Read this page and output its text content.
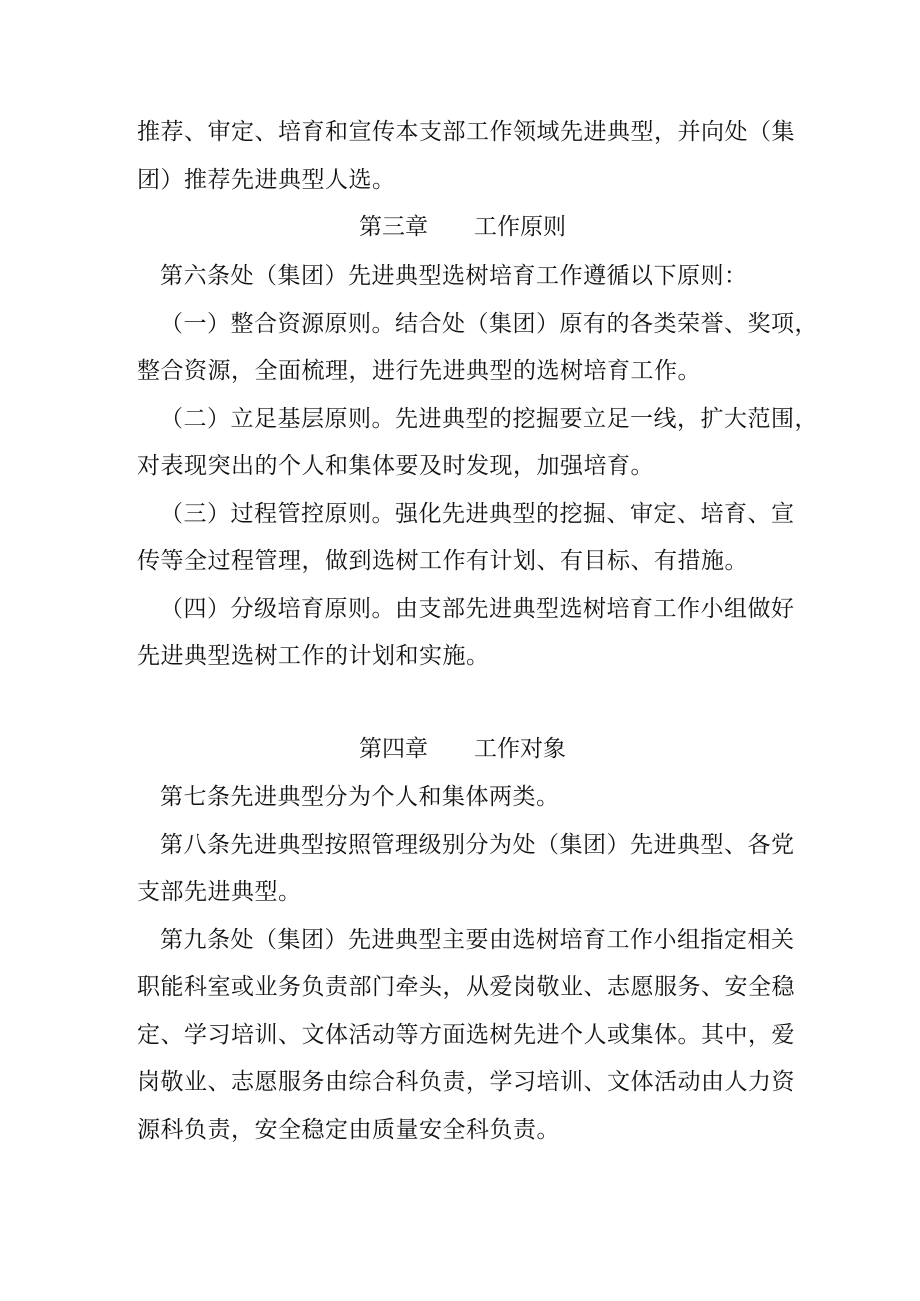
推荐、审定、培育和宣传本支部工作领域先进典型，并向处（集
团）推荐先进典型人选。
第三章 工作原则
第六条处（集团）先进典型选树培育工作遵循以下原则：
（一）整合资源原则。结合处（集团）原有的各类荣誉、奖项，
整合资源，全面梳理，进行先进典型的选树培育工作。
（二）立足基层原则。先进典型的挖掘要立足一线，扩大范围，
对表现突出的个人和集体要及时发现，加强培育。
（三）过程管控原则。强化先进典型的挖掘、审定、培育、宣
传等全过程管理，做到选树工作有计划、有目标、有措施。
（四）分级培育原则。由支部先进典型选树培育工作小组做好
先进典型选树工作的计划和实施。
第四章 工作对象
第七条先进典型分为个人和集体两类。
第八条先进典型按照管理级别分为处（集团）先进典型、各党
支部先进典型。
第九条处（集团）先进典型主要由选树培育工作小组指定相关
职能科室或业务负责部门牵头，从爱岗敬业、志愿服务、安全稳
定、学习培训、文体活动等方面选树先进个人或集体。其中，爱
岗敬业、志愿服务由综合科负责，学习培训、文体活动由人力资
源科负责，安全稳定由质量安全科负责。
